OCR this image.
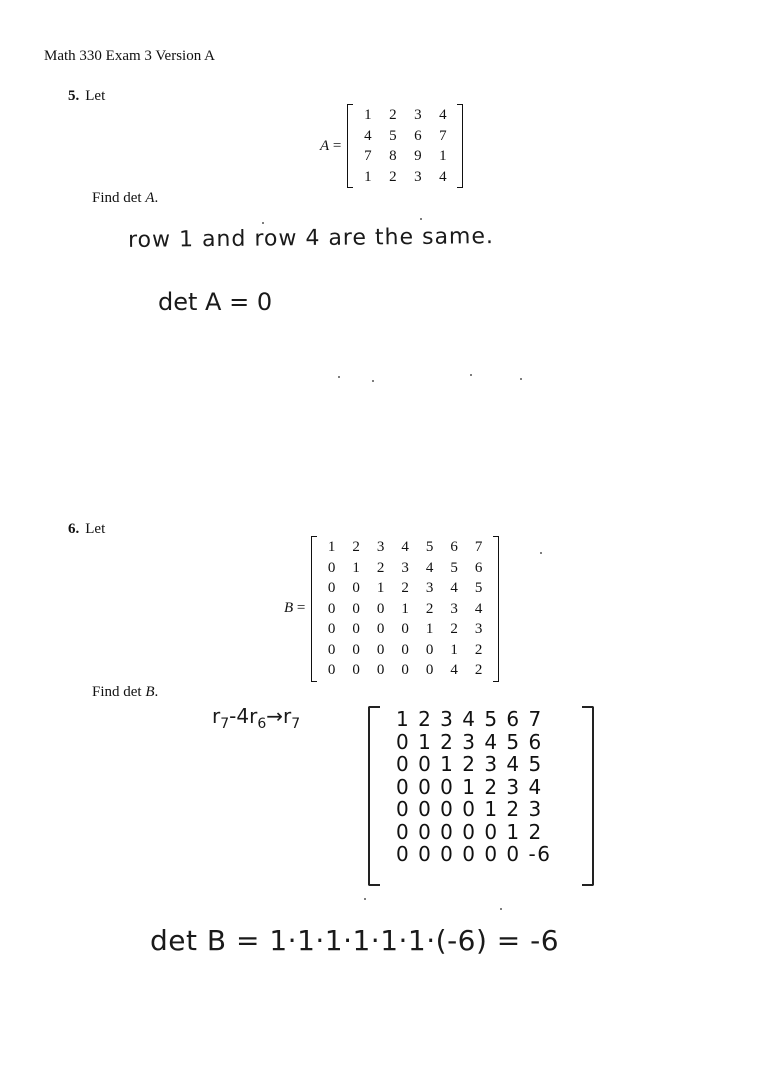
Math 330 Exam 3 Version A
5. Let
A =
1	2	3	4
4	5	6	7
7	8	9	1
1	2	3	4
Find det A.
row 1 and row 4 are the same.
det A = 0
6. Let
B =
1	2	3	4	5	6	7
0	1	2	3	4	5	6
0	0	1	2	3	4	5
0	0	0	1	2	3	4
0	0	0	0	1	2	3
0	0	0	0	0	1	2
0	0	0	0	0	4	2
Find det B.
$r_7-4r_6\to r_7$	1 2 3 4 5 6 7
0 1 2 3 4 5 6
0 0 1 2 3 4 5
0 0 0 1 2 3 4
0 0 0 0 1 2 3
0 0 0 0 0 1 2
0 0 0 0 0 0 -6
det B = 1·1·1·1·1·1·(-6) = -6
